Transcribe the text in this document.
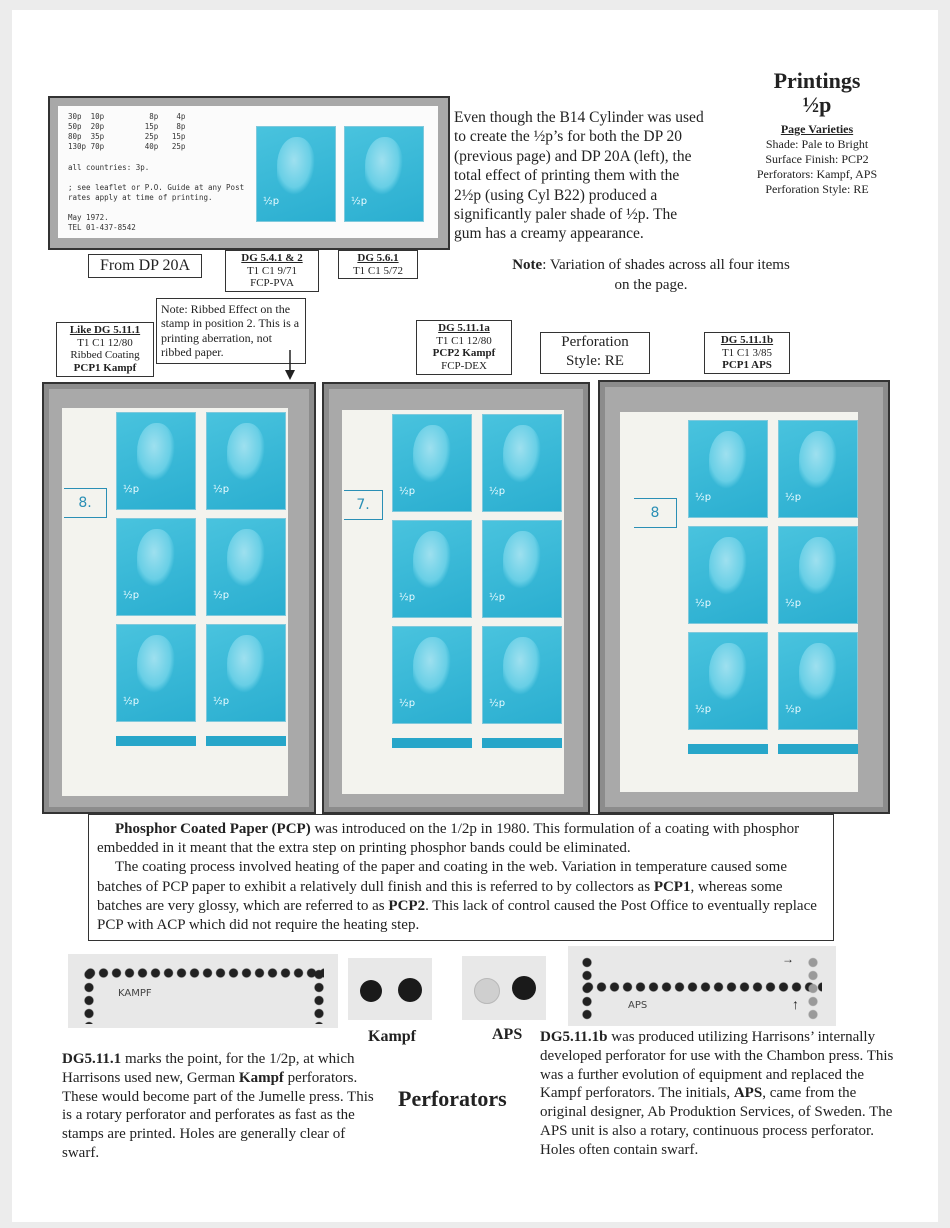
Printings
½p
Page Varieties
Shade: Pale to Bright
Surface Finish: PCP2
Perforators: Kampf, APS
Perforation Style: RE
30p  10p          8p    4p
50p  20p         15p    8p
80p  35p         25p   15p
130p 70p         40p   25p

all countries: 3p.

; see leaflet or P.O. Guide at any Post
rates apply at time of printing.

May 1972.
TEL 01-437-8542
½p	½p
Even though the B14 Cylinder was used to create the ½p’s for both the DP 20 (previous page) and DP 20A (left), the total effect of printing them with the 2½p (using Cyl B22) produced a significantly paler shade of ½p. The gum has a creamy appearance.
From DP 20A	DG 5.4.1 & 2
T1 C1 9/71
FCP-PVA
DG 5.6.1
T1 C1 5/72	Note: Variation of shades across all four items on the page.
Like DG 5.11.1
T1 C1 12/80
Ribbed Coating
PCP1 Kampf
Note: Ribbed Effect on the stamp in position 2. This is a printing aberration, not ribbed paper.
DG 5.11.1a
T1 C1 12/80
PCP2 Kampf
FCP-DEX
Perforation Style: RE
DG 5.11.1b
T1 C1 3/85
PCP1 APS
8.
½p	½p
½p	½p
½p	½p
7.
½p	½p
½p	½p
½p	½p
8
½p	½p
½p	½p
½p	½p
Phosphor Coated Paper (PCP) was introduced on the 1/2p in 1980. This formulation of a coating with phosphor embedded in it meant that the extra step on printing phosphor bands could be eliminated.
The coating process involved heating of the paper and coating in the web. Variation in temperature caused some batches of PCP paper to exhibit a relatively dull finish and this is referred to by collectors as PCP1, whereas some batches are very glossy, which are referred to as PCP2. This lack of control caused the Post Office to eventually replace PCP with ACP which did not require the heating step.
KAMPF
APS
→
↑
Kampf	APS
DG5.11.1 marks the point, for the 1/2p, at which Harrisons used new, German Kampf perforators. These would become part of the Jumelle press. This is a rotary perforator and perforates as fast as the stamps are printed. Holes are generally clear of swarf.
Perforators
DG5.11.1b was produced utilizing Harrisons’ internally developed perforator for use with the Chambon press. This was a further evolution of equipment and replaced the Kampf perforators. The initials, APS, came from the original designer, Ab Produktion Services, of Sweden. The APS unit is also a rotary, continuous process perforator. Holes often contain swarf.
